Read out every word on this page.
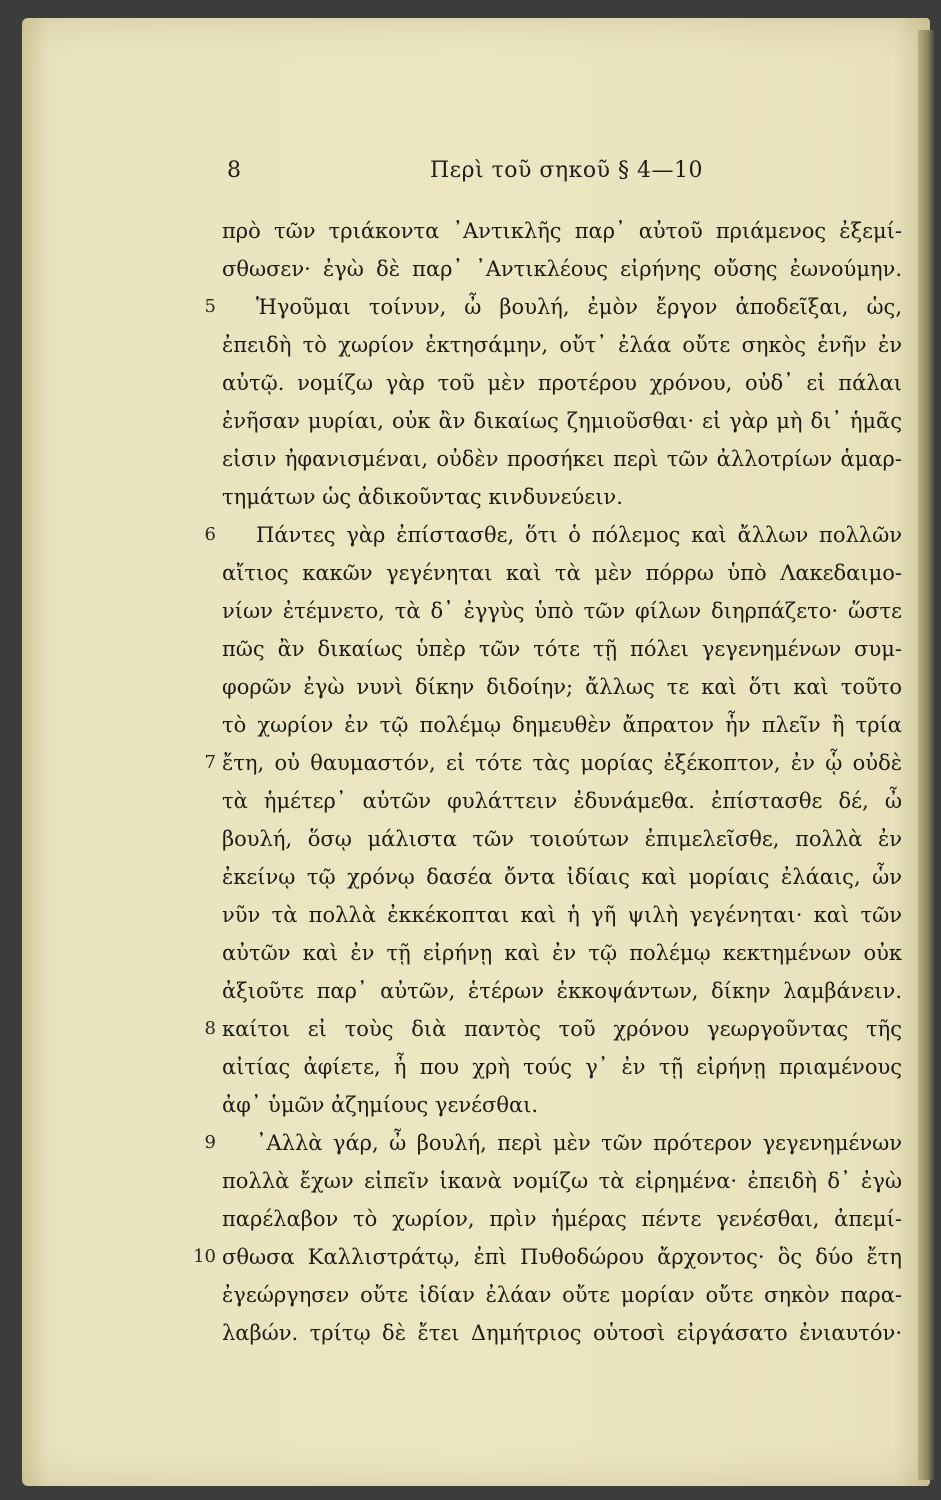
8	Περὶ τοῦ σηκοῦ § 4—10
πρὸ τῶν τριάκοντα ᾿Αντικλῆς παρ᾿ αὐτοῦ πριάμενος ἐξεμί-
σθωσεν· ἐγὼ δὲ παρ᾿ ᾿Αντικλέους εἰρήνης οὔσης ἐωνούμην.
5	Ἡγοῦμαι τοίνυν, ὦ βουλή, ἐμὸν ἔργον ἀποδεῖξαι, ὡς,
ἐπειδὴ τὸ χωρίον ἐκτησάμην, οὔτ᾿ ἐλάα οὔτε σηκὸς ἐνῆν ἐν
αὐτῷ. νομίζω γὰρ τοῦ μὲν προτέρου χρόνου, οὐδ᾿ εἰ πάλαι
ἐνῆσαν μυρίαι, οὐκ ἂν δικαίως ζημιοῦσθαι· εἰ γὰρ μὴ δι᾿ ἡμᾶς
εἰσιν ἠφανισμέναι, οὐδὲν προσήκει περὶ τῶν ἀλλοτρίων ἁμαρ-
τημάτων ὡς ἀδικοῦντας κινδυνεύειν.
6	Πάντες γὰρ ἐπίστασθε, ὅτι ὁ πόλεμος καὶ ἄλλων πολλῶν
αἴτιος κακῶν γεγένηται καὶ τὰ μὲν πόρρω ὑπὸ Λακεδαιμο-
νίων ἐτέμνετο, τὰ δ᾿ ἐγγὺς ὑπὸ τῶν φίλων διηρπάζετο· ὥστε
πῶς ἂν δικαίως ὑπὲρ τῶν τότε τῇ πόλει γεγενημένων συμ-
φορῶν ἐγὼ νυνὶ δίκην διδοίην; ἄλλως τε καὶ ὅτι καὶ τοῦτο
τὸ χωρίον ἐν τῷ πολέμῳ δημευθὲν ἄπρατον ἦν πλεῖν ἢ τρία
7 ἔτη, οὐ θαυμαστόν, εἰ τότε τὰς μορίας ἐξέκοπτον, ἐν ᾧ οὐδὲ
τὰ ἡμέτερ᾿ αὐτῶν φυλάττειν ἐδυνάμεθα. ἐπίστασθε δέ, ὦ
βουλή, ὅσῳ μάλιστα τῶν τοιούτων ἐπιμελεῖσθε, πολλὰ ἐν
ἐκείνῳ τῷ χρόνῳ δασέα ὄντα ἰδίαις καὶ μορίαις ἐλάαις, ὧν
νῦν τὰ πολλὰ ἐκκέκοπται καὶ ἡ γῆ ψιλὴ γεγένηται· καὶ τῶν
αὐτῶν καὶ ἐν τῇ εἰρήνῃ καὶ ἐν τῷ πολέμῳ κεκτημένων οὐκ
ἀξιοῦτε παρ᾿ αὐτῶν, ἑτέρων ἐκκοψάντων, δίκην λαμβάνειν.
8 καίτοι εἰ τοὺς διὰ παντὸς τοῦ χρόνου γεωργοῦντας τῆς
αἰτίας ἀφίετε, ἦ που χρὴ τούς γ᾿ ἐν τῇ εἰρήνῃ πριαμένους
ἀφ᾿ ὑμῶν ἀζημίους γενέσθαι.
9	᾿Αλλὰ γάρ, ὦ βουλή, περὶ μὲν τῶν πρότερον γεγενημένων
πολλὰ ἔχων εἰπεῖν ἱκανὰ νομίζω τὰ εἰρημένα· ἐπειδὴ δ᾿ ἐγὼ
παρέλαβον τὸ χωρίον, πρὶν ἡμέρας πέντε γενέσθαι, ἀπεμί-
10 σθωσα Καλλιστράτῳ, ἐπὶ Πυθοδώρου ἄρχοντος· ὃς δύο ἔτη
ἐγεώργησεν οὔτε ἰδίαν ἐλάαν οὔτε μορίαν οὔτε σηκὸν παρα-
λαβών. τρίτῳ δὲ ἔτει Δημήτριος οὑτοσὶ εἰργάσατο ἐνιαυτόν·
